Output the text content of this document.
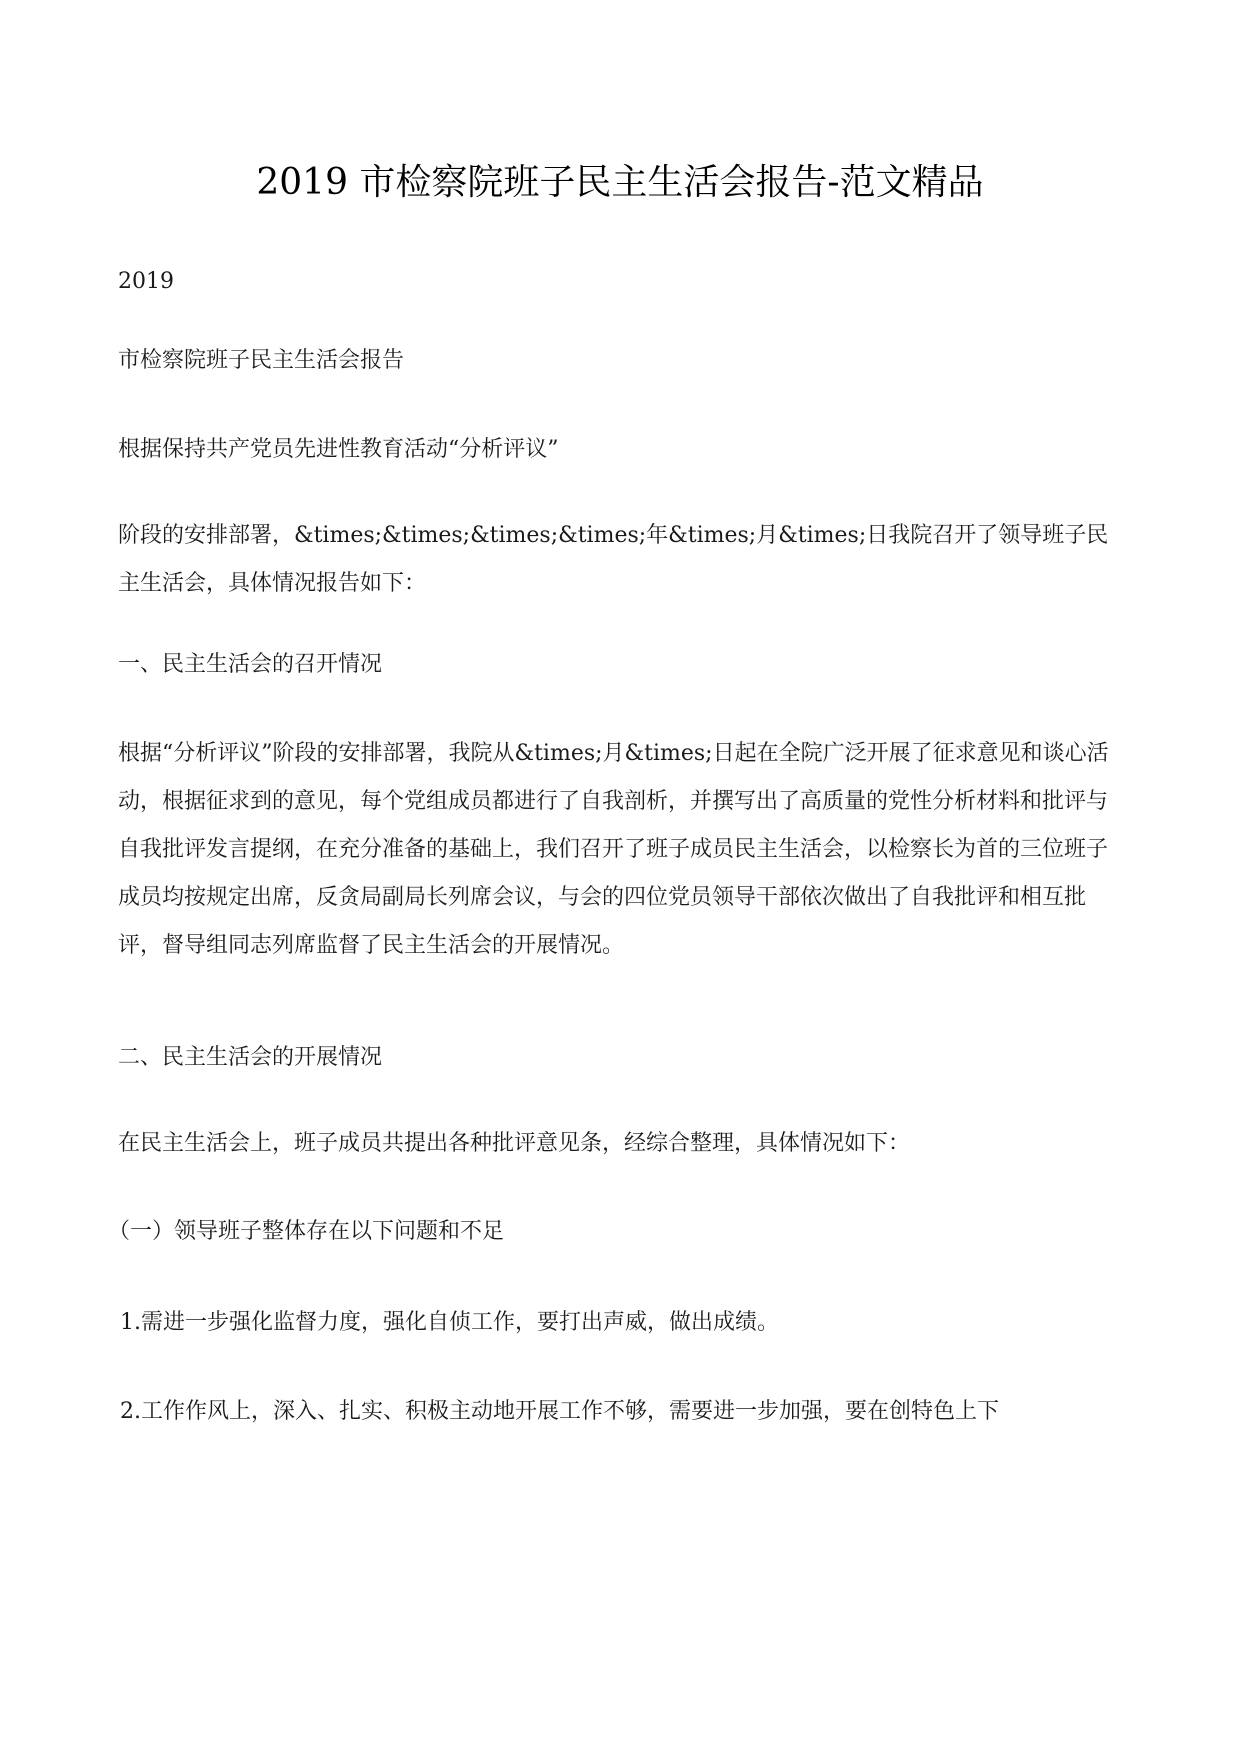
2019 市检察院班子民主生活会报告-范文精品
2019
市检察院班子民主生活会报告
根据保持共产党员先进性教育活动“分析评议”
阶段的安排部署，&times;&times;&times;&times;年&times;月&times;日我院召开了领导班子民主生活会，具体情况报告如下：
一、民主生活会的召开情况
根据“分析评议”阶段的安排部署，我院从&times;月&times;日起在全院广泛开展了征求意见和谈心活动，根据征求到的意见，每个党组成员都进行了自我剖析，并撰写出了高质量的党性分析材料和批评与自我批评发言提纲，在充分准备的基础上，我们召开了班子成员民主生活会，以检察长为首的三位班子成员均按规定出席，反贪局副局长列席会议，与会的四位党员领导干部依次做出了自我批评和相互批评，督导组同志列席监督了民主生活会的开展情况。
二、民主生活会的开展情况
在民主生活会上，班子成员共提出各种批评意见条，经综合整理，具体情况如下：
（一）领导班子整体存在以下问题和不足
1.需进一步强化监督力度，强化自侦工作，要打出声威，做出成绩。
2.工作作风上，深入、扎实、积极主动地开展工作不够，需要进一步加强，要在创特色上下
